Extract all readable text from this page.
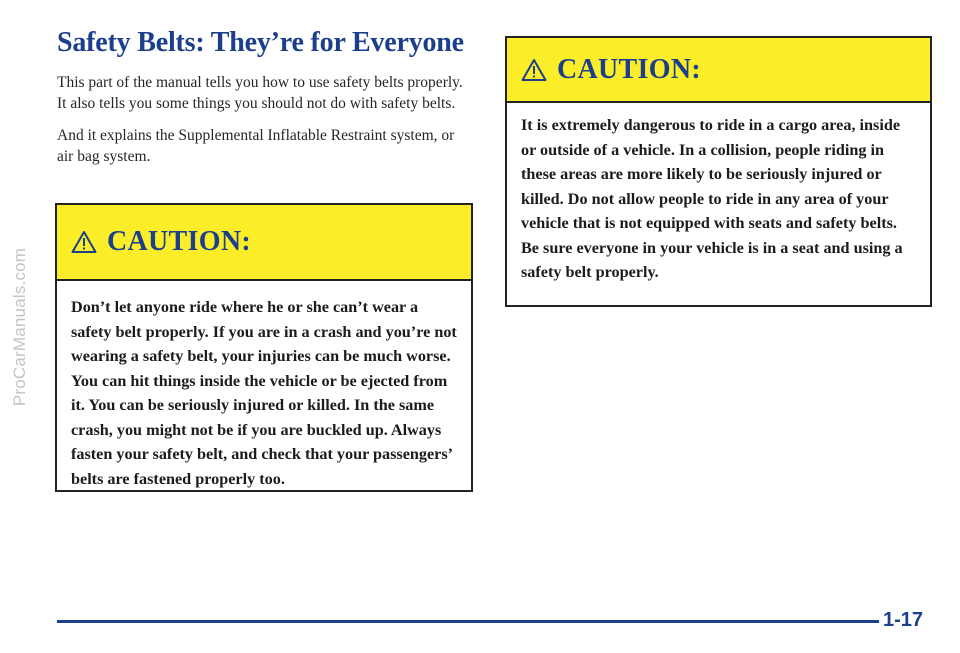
ProCarManuals.com
Safety Belts: They’re for Everyone

This part of the manual tells you how to use safety belts properly. It also tells you some things you should not do with safety belts.

And it explains the Supplemental Inflatable Restraint system, or air bag system.

CAUTION:
Don’t let anyone ride where he or she can’t wear a safety belt properly. If you are in a crash and you’re not wearing a safety belt, your injuries can be much worse. You can hit things inside the vehicle or be ejected from it. You can be seriously injured or killed. In the same crash, you might not be if you are buckled up. Always fasten your safety belt, and check that your passengers’ belts are fastened properly too.
CAUTION:
It is extremely dangerous to ride in a cargo area, inside or outside of a vehicle. In a collision, people riding in these areas are more likely to be seriously injured or killed. Do not allow people to ride in any area of your vehicle that is not equipped with seats and safety belts. Be sure everyone in your vehicle is in a seat and using a safety belt properly.
1-17
